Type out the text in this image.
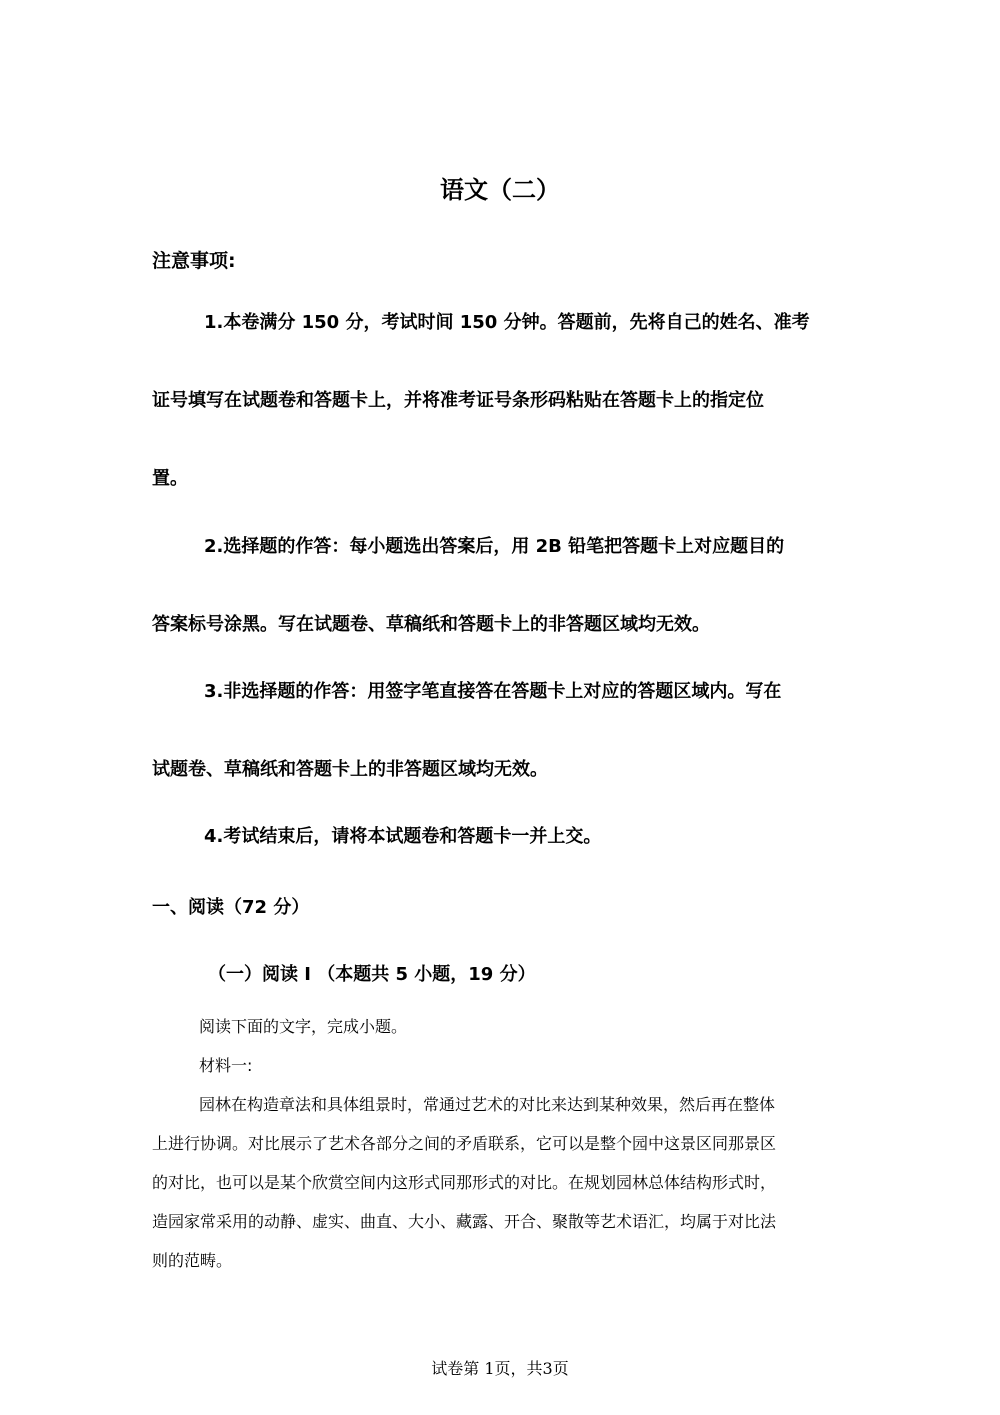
语文（二）
注意事项:
1.本卷满分 150 分，考试时间 150 分钟。答题前，先将自己的姓名、准考
证号填写在试题卷和答题卡上，并将准考证号条形码粘贴在答题卡上的指定位
置。
2.选择题的作答：每小题选出答案后，用 2B 铅笔把答题卡上对应题目的
答案标号涂黑。写在试题卷、草稿纸和答题卡上的非答题区域均无效。
3.非选择题的作答：用签字笔直接答在答题卡上对应的答题区域内。写在
试题卷、草稿纸和答题卡上的非答题区域均无效。
4.考试结束后，请将本试题卷和答题卡一并上交。
一、阅读（72 分）
（一）阅读 I （本题共 5 小题，19 分）
阅读下面的文字，完成小题。
材料一:
园林在构造章法和具体组景时，常通过艺术的对比来达到某种效果，然后再在整体
上进行协调。对比展示了艺术各部分之间的矛盾联系，它可以是整个园中这景区同那景区
的对比，也可以是某个欣赏空间内这形式同那形式的对比。在规划园林总体结构形式时，
造园家常采用的动静、虚实、曲直、大小、藏露、开合、聚散等艺术语汇，均属于对比法
则的范畴。
试卷第 1页，共3页
